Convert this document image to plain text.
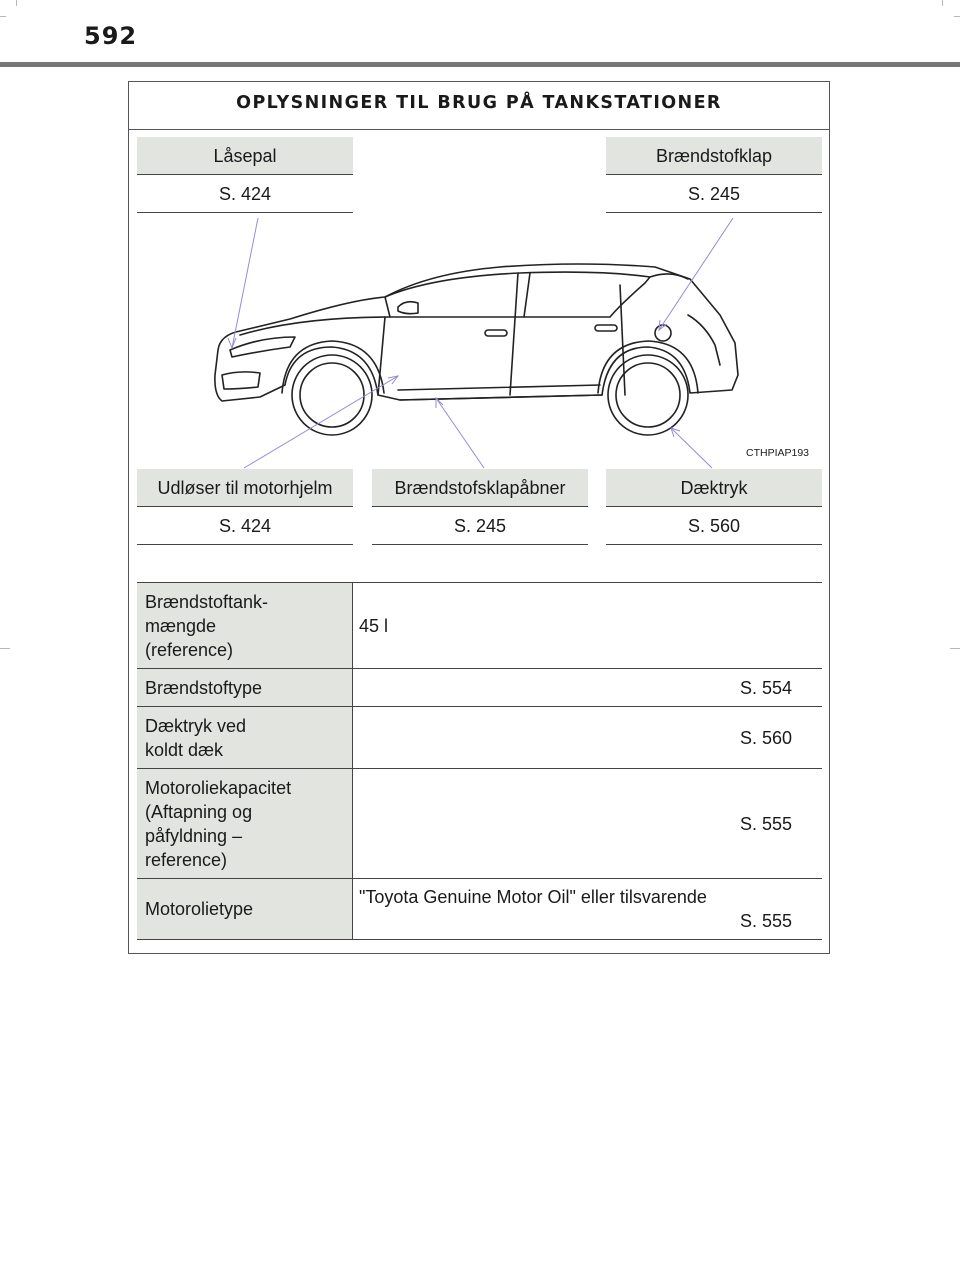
592
OPLYSNINGER TIL BRUG PÅ TANKSTATIONER
Låsepal
S. 424
Brændstofklap
S. 245
CTHPIAP193
Udløser til motorhjelm
S. 424
Brændstofsklapåbner
S. 245
Dæktryk
S. 560
Brændstoftank-
mængde
(reference)
45 l
Brændstoftype	S. 554
Dæktryk ved
koldt dæk
S. 560
Motoroliekapacitet
(Aftapning og
påfyldning –
reference)
S. 555
Motorolietype
"Toyota Genuine Motor Oil" eller tilsvarende
S. 555
